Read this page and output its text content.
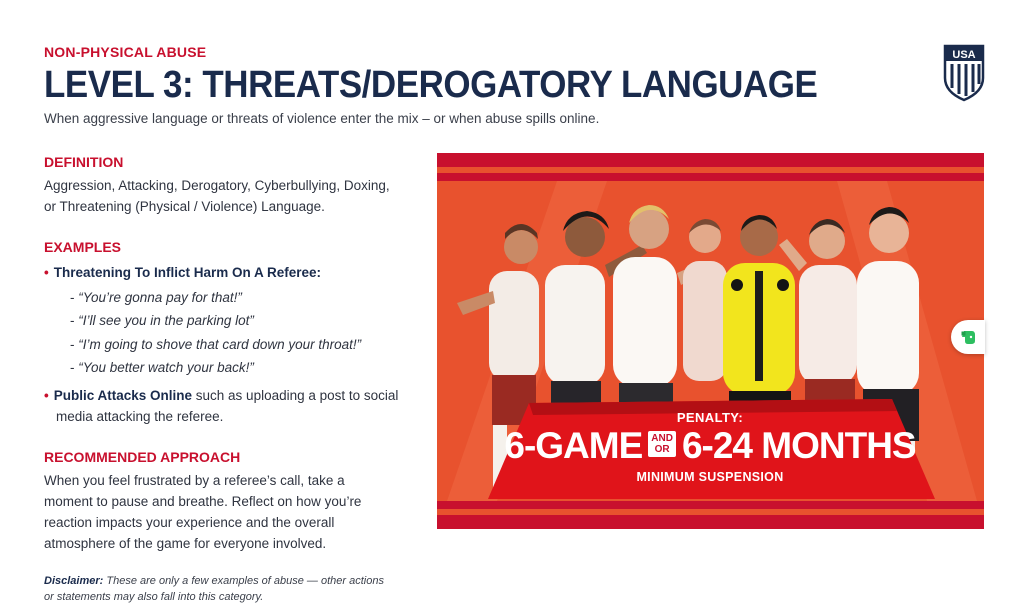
NON-PHYSICAL ABUSE
LEVEL 3: THREATS/DEROGATORY LANGUAGE
When aggressive language or threats of violence enter the mix – or when abuse spills online.
USA
DEFINITION
Aggression, Attacking, Derogatory, Cyberbullying, Doxing,
or Threatening (Physical / Violence) Language.
EXAMPLES
• Threatening To Inflict Harm On A Referee:
- “You’re gonna pay for that!”
- “I’ll see you in the parking lot”
- “I’m going to shove that card down your throat!”
- “You better watch your back!”
• Public Attacks Online such as uploading a post to social
media attacking the referee.
RECOMMENDED APPROACH
When you feel frustrated by a referee’s call, take a
moment to pause and breathe. Reflect on how you’re
reaction impacts your experience and the overall
atmosphere of the game for everyone involved.
Disclaimer: These are only a few examples of abuse — other actions
or statements may also fall into this category.
PENALTY:
6-GAME AND
OR 6-24 MONTHS
MINIMUM SUSPENSION
